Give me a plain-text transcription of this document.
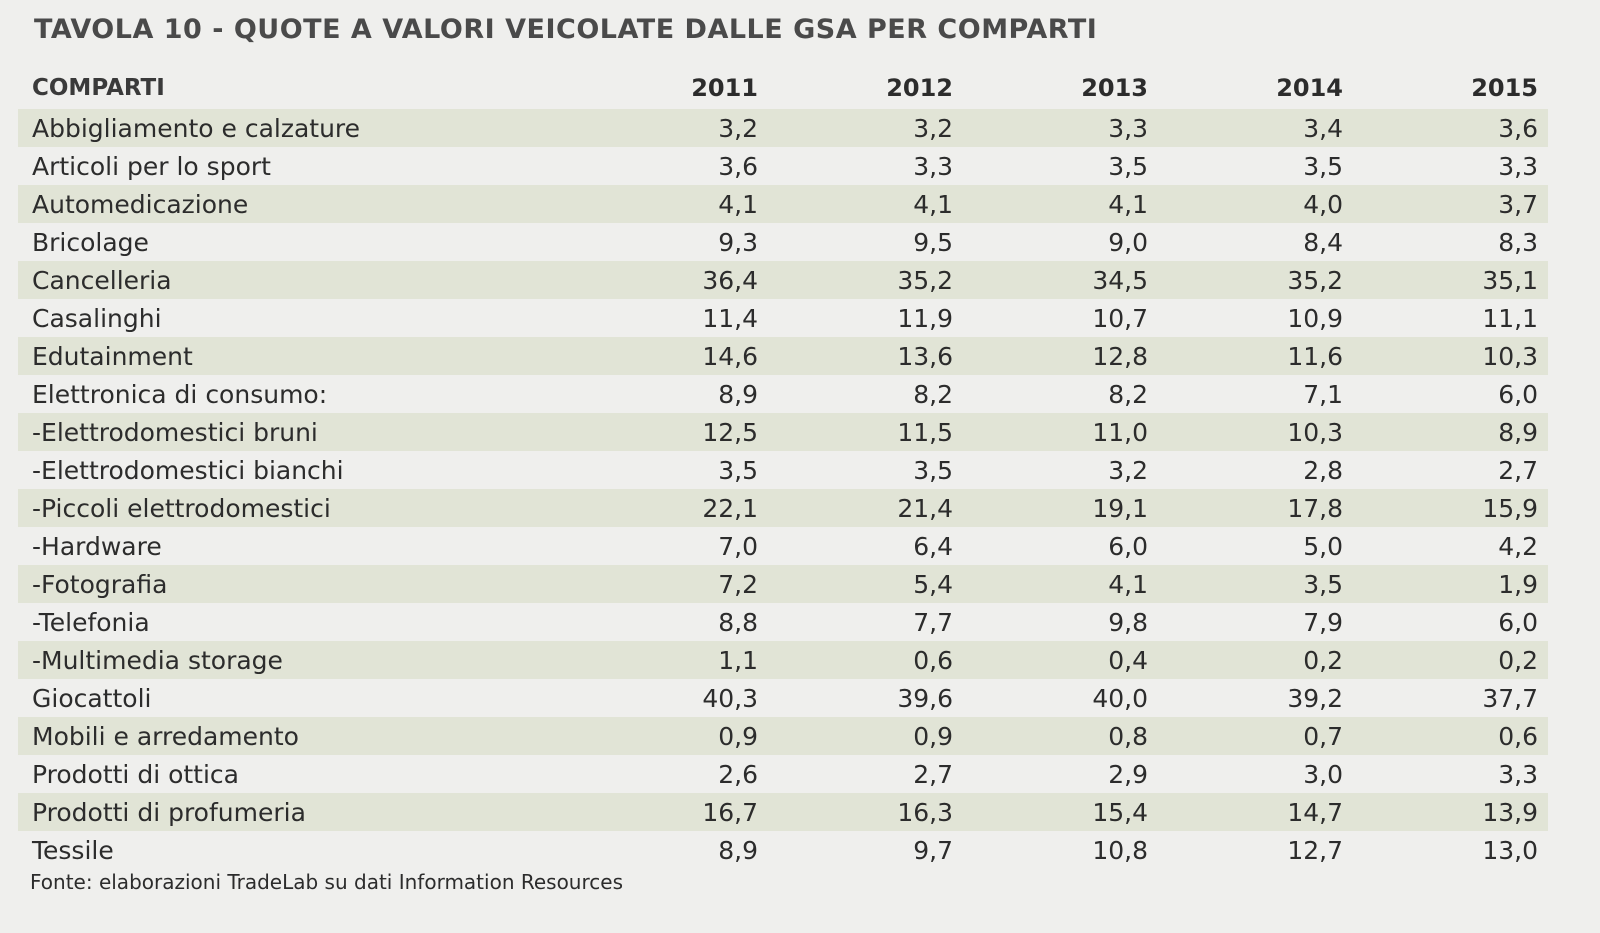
TAVOLA 10 - QUOTE A VALORI VEICOLATE DALLE GSA PER COMPARTI
COMPARTI	2011	2012	2013	2014	2015
Abbigliamento e calzature	3,2	3,2	3,3	3,4	3,6
Articoli per lo sport	3,6	3,3	3,5	3,5	3,3
Automedicazione	4,1	4,1	4,1	4,0	3,7
Bricolage	9,3	9,5	9,0	8,4	8,3
Cancelleria	36,4	35,2	34,5	35,2	35,1
Casalinghi	11,4	11,9	10,7	10,9	11,1
Edutainment	14,6	13,6	12,8	11,6	10,3
Elettronica di consumo:	8,9	8,2	8,2	7,1	6,0
-Elettrodomestici bruni	12,5	11,5	11,0	10,3	8,9
-Elettrodomestici bianchi	3,5	3,5	3,2	2,8	2,7
-Piccoli elettrodomestici	22,1	21,4	19,1	17,8	15,9
-Hardware	7,0	6,4	6,0	5,0	4,2
-Fotografia	7,2	5,4	4,1	3,5	1,9
-Telefonia	8,8	7,7	9,8	7,9	6,0
-Multimedia storage	1,1	0,6	0,4	0,2	0,2
Giocattoli	40,3	39,6	40,0	39,2	37,7
Mobili e arredamento	0,9	0,9	0,8	0,7	0,6
Prodotti di ottica	2,6	2,7	2,9	3,0	3,3
Prodotti di profumeria	16,7	16,3	15,4	14,7	13,9
Tessile	8,9	9,7	10,8	12,7	13,0
Fonte: elaborazioni TradeLab su dati Information Resources
